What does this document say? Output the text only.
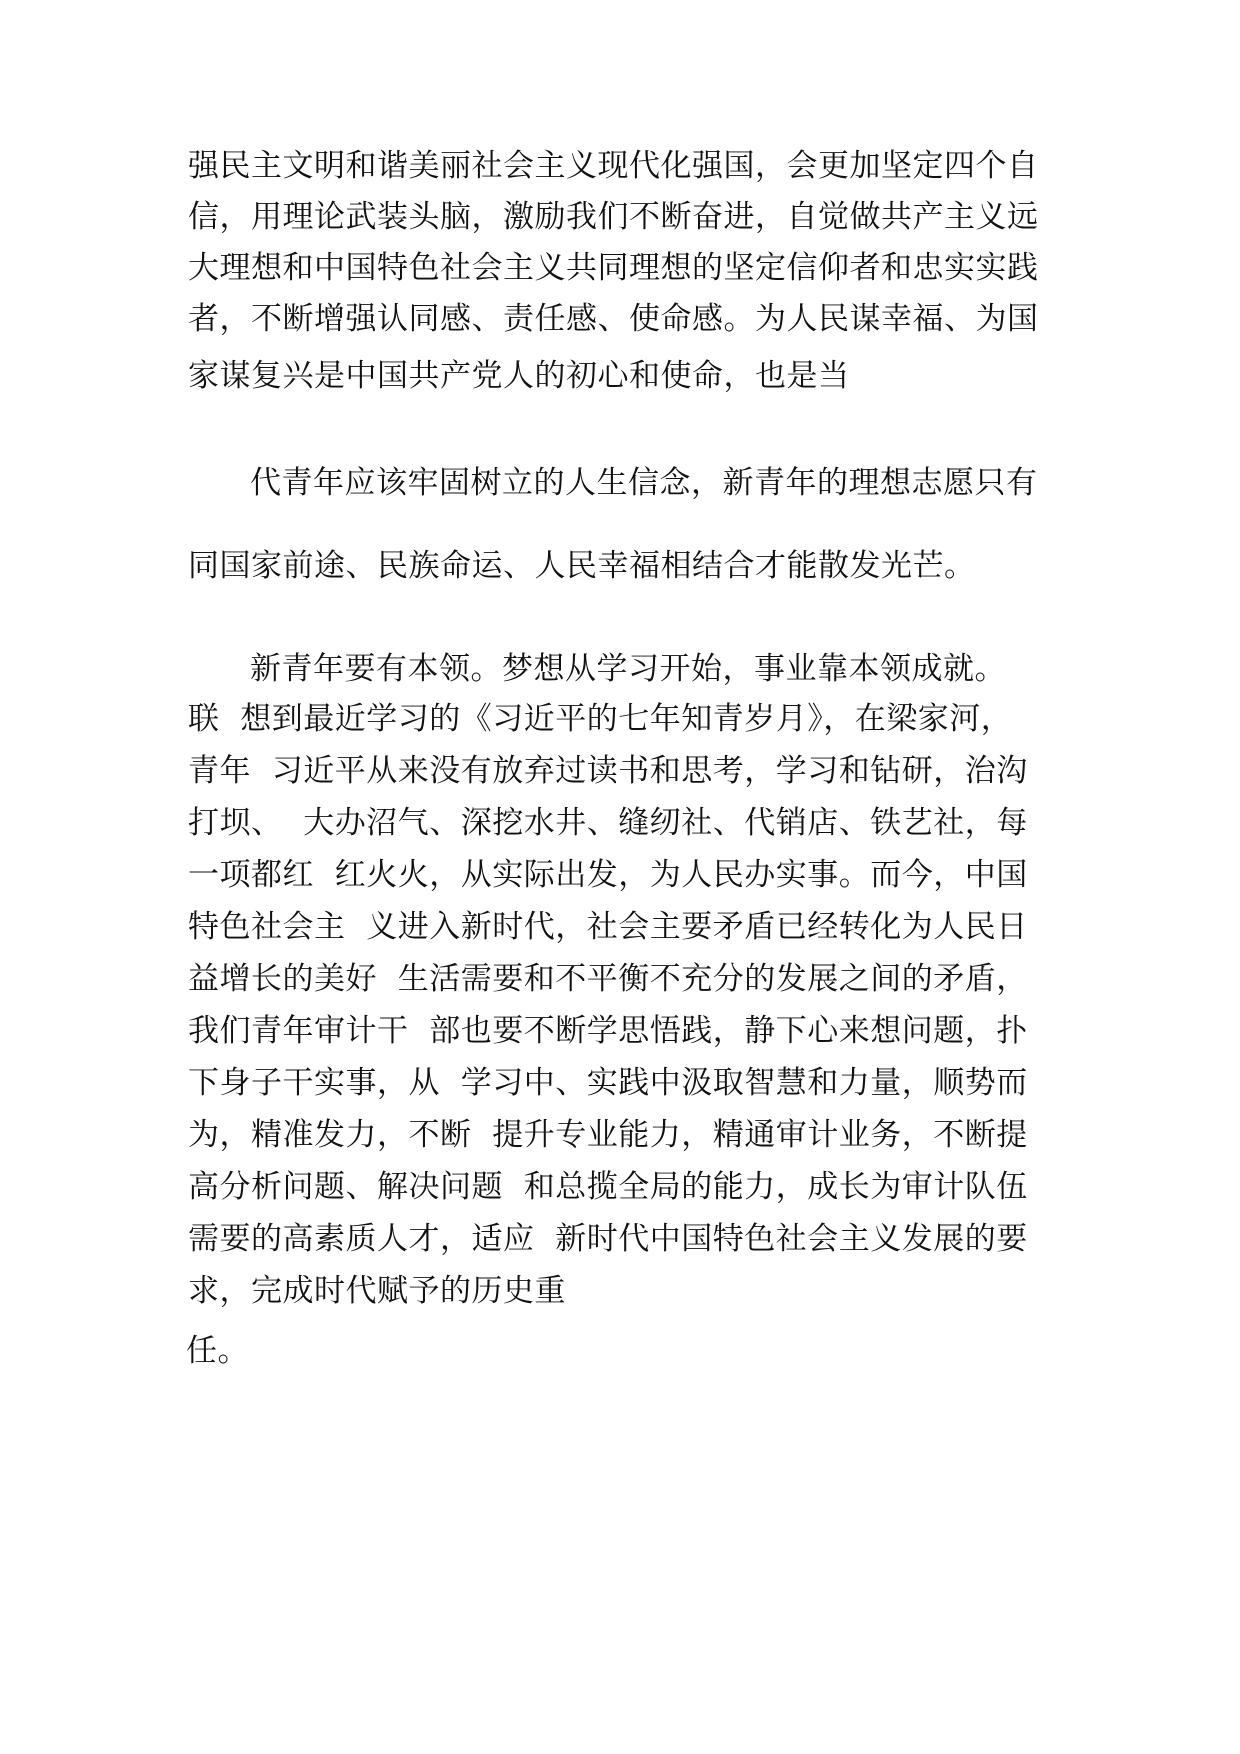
强民主文明和谐美丽社会主义现代化强国，会更加坚定四个自
信，用理论武装头脑，激励我们不断奋进，自觉做共产主义远
大理想和中国特色社会主义共同理想的坚定信仰者和忠实实践
者，不断增强认同感、责任感、使命感。为人民谋幸福、为国
家谋复兴是中国共产党人的初心和使命，也是当
代青年应该牢固树立的人生信念，新青年的理想志愿只有
同国家前途、民族命运、人民幸福相结合才能散发光芒。
新青年要有本领。梦想从学习开始，事业靠本领成就。
联  想到最近学习的《习近平的七年知青岁月》，在梁家河，
青年  习近平从来没有放弃过读书和思考，学习和钻研，治沟
打坝、  大办沼气、深挖水井、缝纫社、代销店、铁艺社，每
一项都红  红火火，从实际出发，为人民办实事。而今，中国
特色社会主  义进入新时代，社会主要矛盾已经转化为人民日
益增长的美好  生活需要和不平衡不充分的发展之间的矛盾，
我们青年审计干  部也要不断学思悟践，静下心来想问题，扑
下身子干实事，从  学习中、实践中汲取智慧和力量，顺势而
为，精准发力，不断  提升专业能力，精通审计业务，不断提
高分析问题、解决问题  和总揽全局的能力，成长为审计队伍
需要的高素质人才，适应  新时代中国特色社会主义发展的要
求，完成时代赋予的历史重
任。
